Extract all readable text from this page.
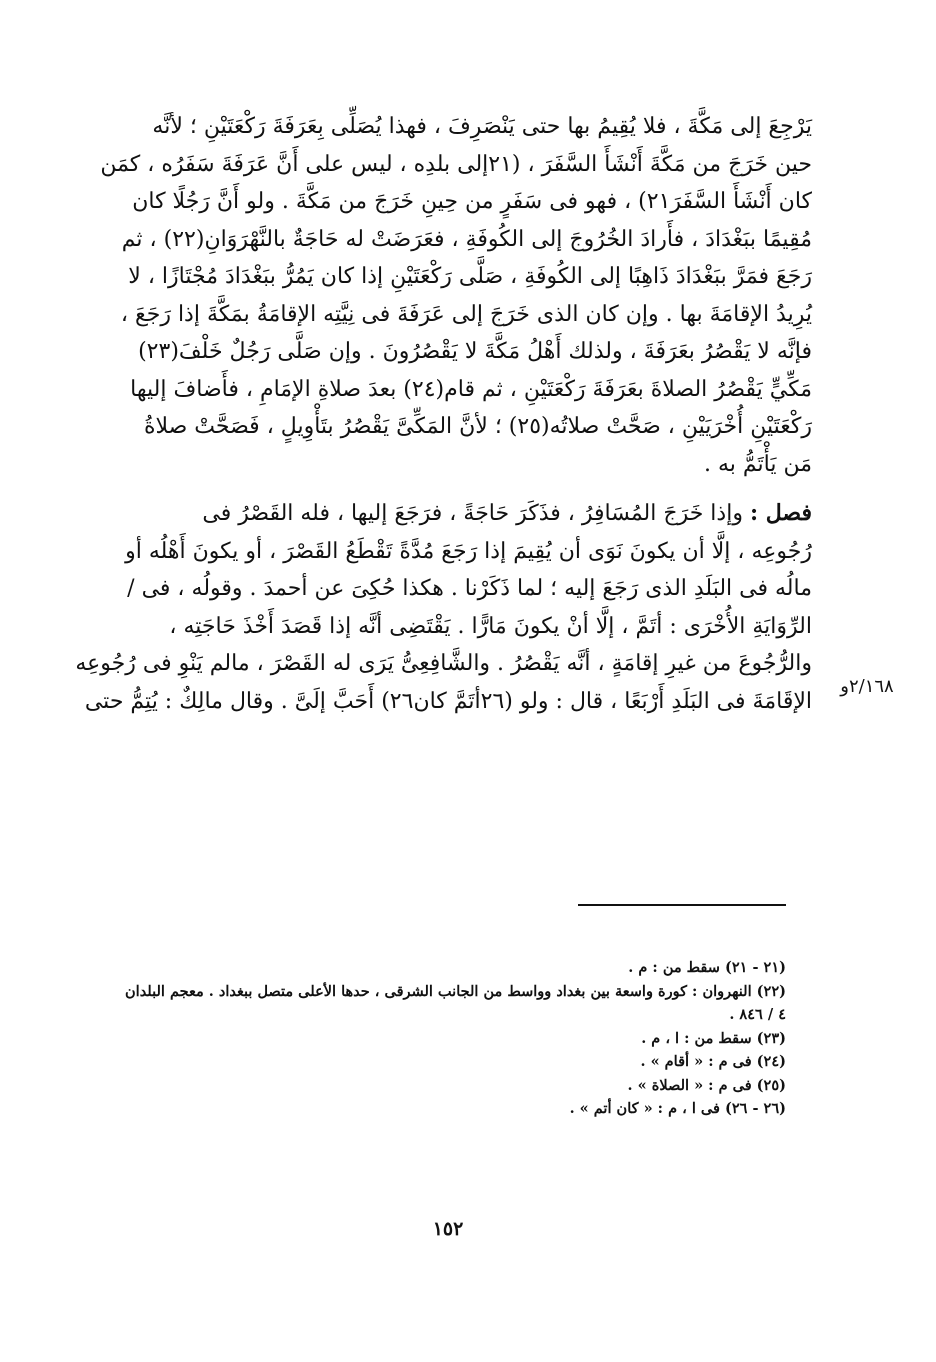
يَرْجِعَ إلى مَكَّةَ ، فلا يُقِيمُ بها حتى يَنْصَرِفَ ، فهذا يُصَلِّى بِعَرَفَةَ رَكْعَتَيْنِ ؛ لأنَّه
حين خَرَجَ من مَكَّةَ أَنْشَأَ السَّفَرَ ، (٢١إلى بلدِه ، ليس على أَنَّ عَرَفَةَ سَفَرُه ، كمَن
كان أَنْشَأَ السَّفَرَ٢١) ، فهو فى سَفَرٍ من حِينِ خَرَجَ من مَكَّةَ . ولو أَنَّ رَجُلًا كان
مُقِيمًا ببَغْدَادَ ، فأَرادَ الخُرُوجَ إلى الكُوفَةِ ، فعَرَضَتْ له حَاجَةٌ بالنَّهْرَوَانِ(٢٢) ، ثم
رَجَعَ فمَرَّ ببَغْدَادَ ذَاهِبًا إلى الكُوفَةِ ، صَلَّى رَكْعَتَيْنِ إذا كان يَمُرُّ ببَغْدَادَ مُجْتَازًا ، لا
يُرِيدُ الإقامَةَ بها . وإن كان الذى خَرَجَ إلى عَرَفَةَ فى نِيَّتِه الإقامَةُ بمَكَّةَ إذا رَجَعَ ،
فإنَّه لا يَقْصُرُ بعَرَفَةَ ، ولذلك أَهْلُ مَكَّةَ لا يَقْصُرُونَ . وإن صَلَّى رَجُلٌ خَلْفَ(٢٣)
مَكِّيٍّ يَقْصُرُ الصلاةَ بعَرَفَةَ رَكْعَتَيْنِ ، ثم قام(٢٤) بعدَ صلاةِ الإمَامِ ، فأَضافَ إليها
رَكْعَتَيْنِ أُخْرَيَيْنِ ، صَحَّتْ صلاتُه(٢٥) ؛ لأنَّ المَكِّىَّ يَقْصُرُ بتَأْوِيلٍ ، فَصَحَّتْ صلاةُ
مَن يَأْتَمُّ به .

فصل : وإذا خَرَجَ المُسَافِرُ ، فذَكَرَ حَاجَةً ، فرَجَعَ إليها ، فله القَصْرُ فى
رُجُوعِه ، إلَّا أن يكونَ نَوَى أن يُقِيمَ إذا رَجَعَ مُدَّةً تَقْطَعُ القَصْرَ ، أو يكونَ أَهْلُه أو
مالُه فى البَلَدِ الذى رَجَعَ إليه ؛ لما ذَكَرْنا . هكذا حُكِىَ عن أحمدَ . وقولُه ، فى /
الرِّوَايَةِ الأُخْرَى : أتَمَّ ، إلَّا أنْ يكونَ مَارًّا . يَقْتَضِى أنَّه إذا قَصَدَ أَخْذَ حَاجَتِه ،
والرُّجُوعَ من غيرِ إقامَةٍ ، أنَّه يَقْصُرُ . والشَّافِعِىُّ يَرَى له القَصْرَ ، مالم يَنْوِ فى رُجُوعِه
الإقَامَةَ فى البَلَدِ أَرْبَعًا ، قال : ولو (٢٦أتَمَّ كان٢٦) أَحَبَّ إلَىَّ . وقال مالِكٌ : يُتِمُّ حتى

٢/١٦٨و
(٢١ - ٢١) سقط من : م .
(٢٢) النهروان : كورة واسعة بين بغداد وواسط من الجانب الشرقى ، حدها الأعلى متصل ببغداد . معجم البلدان
٤ / ٨٤٦ .
(٢٣) سقط من : ا ، م .
(٢٤) فى م : « أقام » .
(٢٥) فى م : « الصلاة » .
(٢٦ - ٢٦) فى ا ، م : « كان أتم » .
١٥٢
